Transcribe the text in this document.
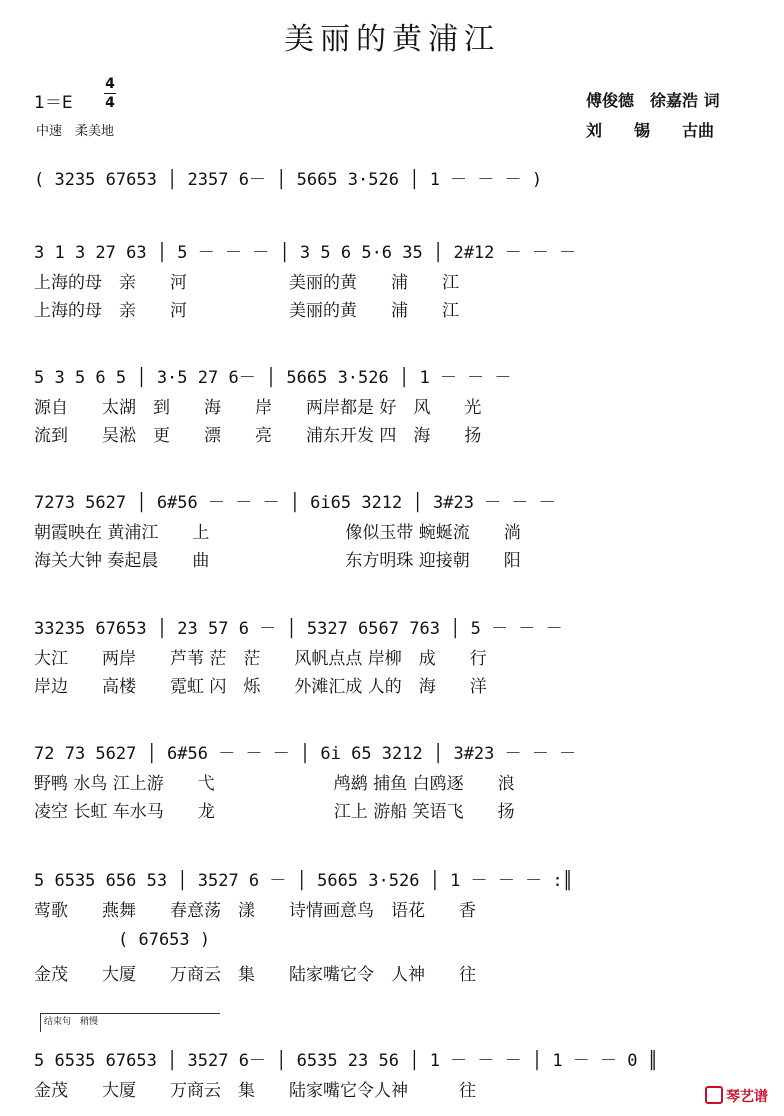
美丽的黄浦江
1＝E
4
4
中速　柔美地
傅俊德　徐嘉浩 词
刘　　锡　　古曲
( 3235 67653 │ 2357 6－ │ 5665 3·526 │ 1 － － － )
3 1 3 27 63 │ 5 － － － │ 3 5 6 5·6 35 │ 2#12 － － －
上海的母　亲　　河　　　　　　美丽的黄　　浦　　江
上海的母　亲　　河　　　　　　美丽的黄　　浦　　江
5 3 5 6 5 │ 3·5 27 6－ │ 5665 3·526 │ 1 － － －
源自　　太湖　到　　海　　岸　　两岸都是 好　风　　光
流到　　吴淞　更　　漂　　亮　　浦东开发 四　海　　扬
7273 5627 │ 6#56 － － － │ 6i65 3212 │ 3#23 － － －
朝霞映在 黄浦江　　上　　　　　　　　像似玉带 蜿蜒流　　淌
海关大钟 奏起晨　　曲　　　　　　　　东方明珠 迎接朝　　阳
33235 67653 │ 23 57 6 － │ 5327 6567 763 │ 5 － － －
大江　　两岸　　芦苇 茫　茫　　风帆点点 岸柳　成　　行
岸边　　高楼　　霓虹 闪　烁　　外滩汇成 人的　海　　洋
72 73 5627 │ 6#56 － － － │ 6i 65 3212 │ 3#23 － － －
野鸭 水鸟 江上游　　弋　　　　　　　鸬鹚 捕鱼 白鸥逐　　浪
凌空 长虹 车水马　　龙　　　　　　　江上 游船 笑语飞　　扬
5 6535 656 53 │ 3527 6 － │ 5665 3·526 │ 1 － － － :║
莺歌　　燕舞　　春意荡　漾　　诗情画意鸟　语花　　香
( 67653 )
金茂　　大厦　　万商云　集　　陆家嘴它令　人神　　往
结束句　稍慢
5 6535 67653 │ 3527 6－ │ 6535 23 56 │ 1 － － － │ 1 － － 0 ║
金茂　　大厦　　万商云　集　　陆家嘴它令人神　　　往	琴艺谱
